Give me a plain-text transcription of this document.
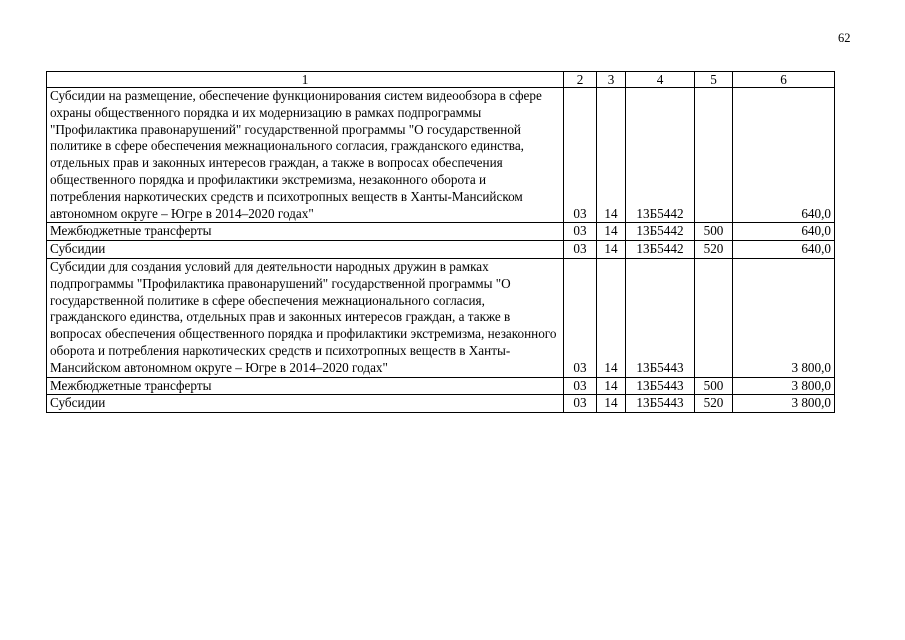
62
1	2	3	4	5	6
Субсидии на размещение, обеспечение функционирования систем видеообзора в сфере охраны общественного порядка и их модернизацию в рамках подпрограммы "Профилактика правонарушений" государственной программы "О государственной политике в сфере обеспечения межнационального согласия, гражданского единства, отдельных прав и законных интересов граждан, а также в вопросах обеспечения общественного порядка и профилактики экстремизма, незаконного оборота и потребления наркотических средств и психотропных веществ в Ханты-Мансийском автономном округе – Югре в 2014–2020 годах"	03	14	13Б5442		640,0
Межбюджетные трансферты	03	14	13Б5442	500	640,0
Субсидии	03	14	13Б5442	520	640,0
Субсидии для создания условий для деятельности народных дружин в рамках подпрограммы "Профилактика правонарушений" государственной программы "О государственной политике в сфере обеспечения межнационального согласия, гражданского единства, отдельных прав и законных интересов граждан, а также в вопросах обеспечения общественного порядка и профилактики экстремизма, незаконного оборота и потребления наркотических средств и психотропных веществ в Ханты-Мансийском автономном округе – Югре в 2014–2020 годах"	03	14	13Б5443		3 800,0
Межбюджетные трансферты	03	14	13Б5443	500	3 800,0
Субсидии	03	14	13Б5443	520	3 800,0
